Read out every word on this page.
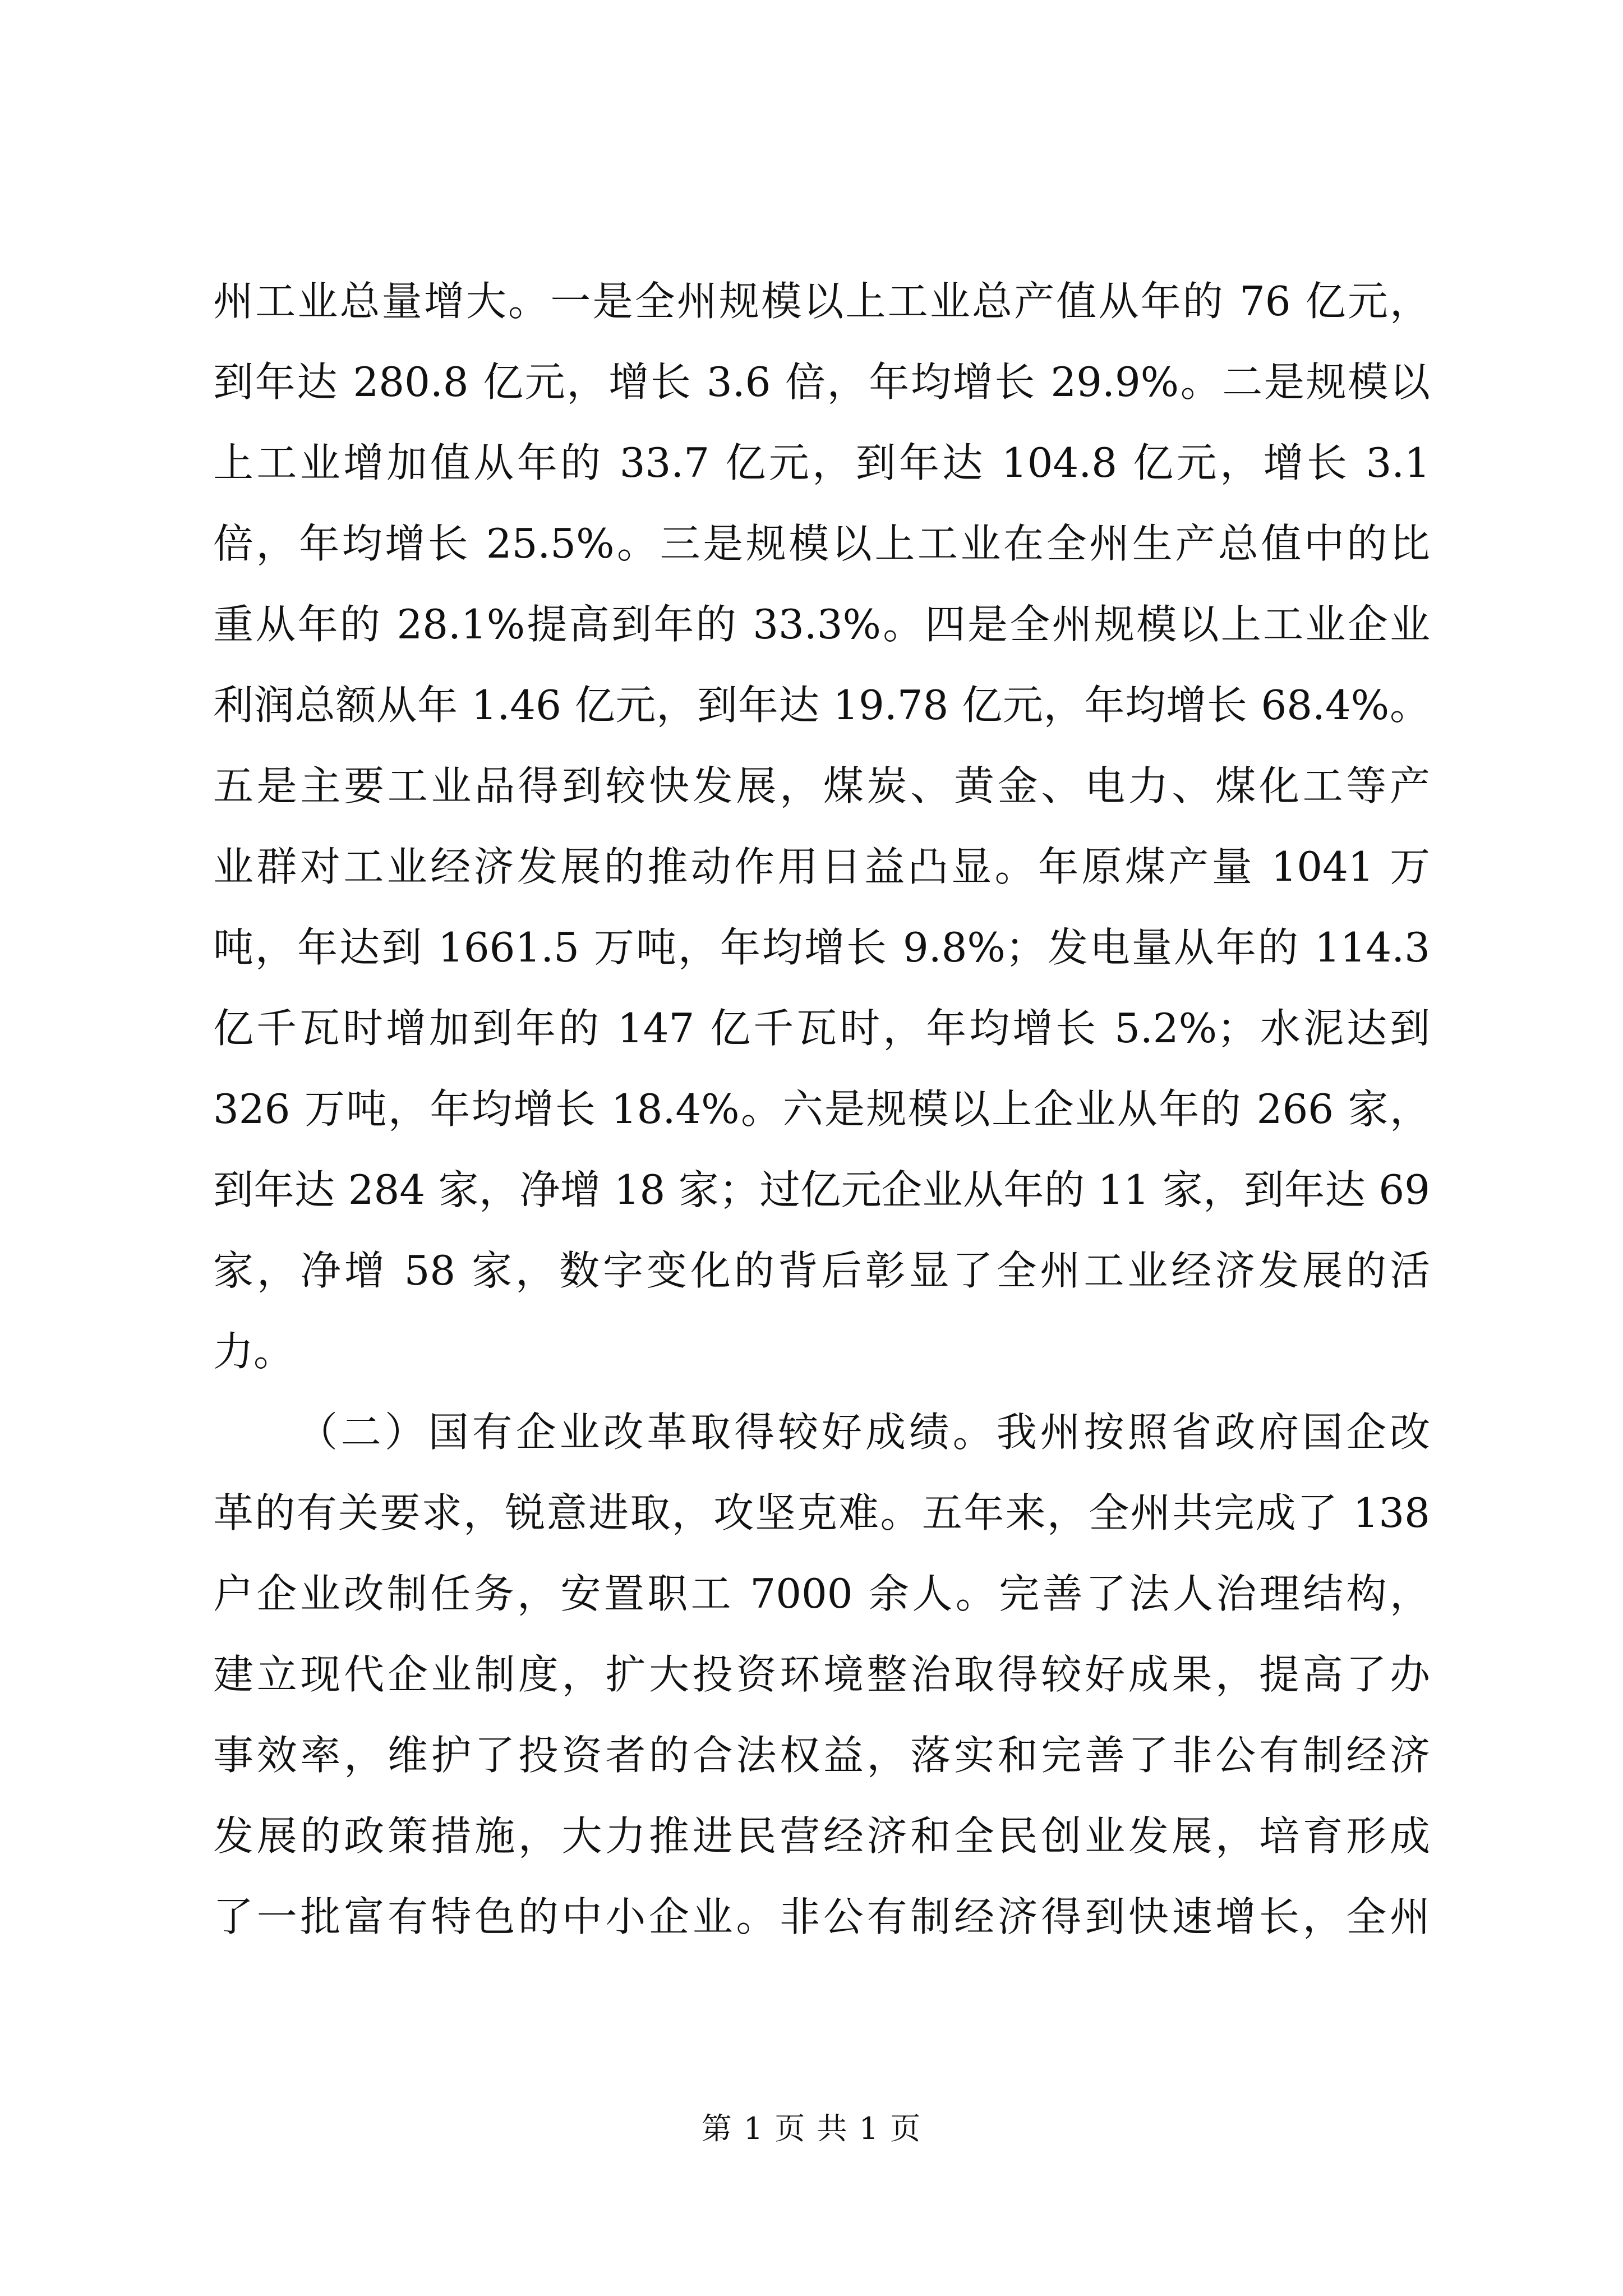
州工业总量增大。一是全州规模以上工业总产值从年的 76 亿元，
到年达 280.8 亿元，增长 3.6 倍，年均增长 29.9%。二是规模以
上工业增加值从年的 33.7 亿元，到年达 104.8 亿元，增长 3.1
倍，年均增长 25.5%。三是规模以上工业在全州生产总值中的比
重从年的 28.1%提高到年的 33.3%。四是全州规模以上工业企业
利润总额从年 1.46 亿元，到年达 19.78 亿元，年均增长 68.4%。
五是主要工业品得到较快发展，煤炭、黄金、电力、煤化工等产
业群对工业经济发展的推动作用日益凸显。年原煤产量 1041 万
吨，年达到 1661.5 万吨，年均增长 9.8%；发电量从年的 114.3
亿千瓦时增加到年的 147 亿千瓦时，年均增长 5.2%；水泥达到
326 万吨，年均增长 18.4%。六是规模以上企业从年的 266 家，
到年达 284 家，净增 18 家；过亿元企业从年的 11 家，到年达 69
家，净增 58 家，数字变化的背后彰显了全州工业经济发展的活
力。
（二）国有企业改革取得较好成绩。我州按照省政府国企改
革的有关要求，锐意进取，攻坚克难。五年来，全州共完成了 138
户企业改制任务，安置职工 7000 余人。完善了法人治理结构，
建立现代企业制度，扩大投资环境整治取得较好成果，提高了办
事效率，维护了投资者的合法权益，落实和完善了非公有制经济
发展的政策措施，大力推进民营经济和全民创业发展，培育形成
了一批富有特色的中小企业。非公有制经济得到快速增长，全州
第 1 页 共 1 页
